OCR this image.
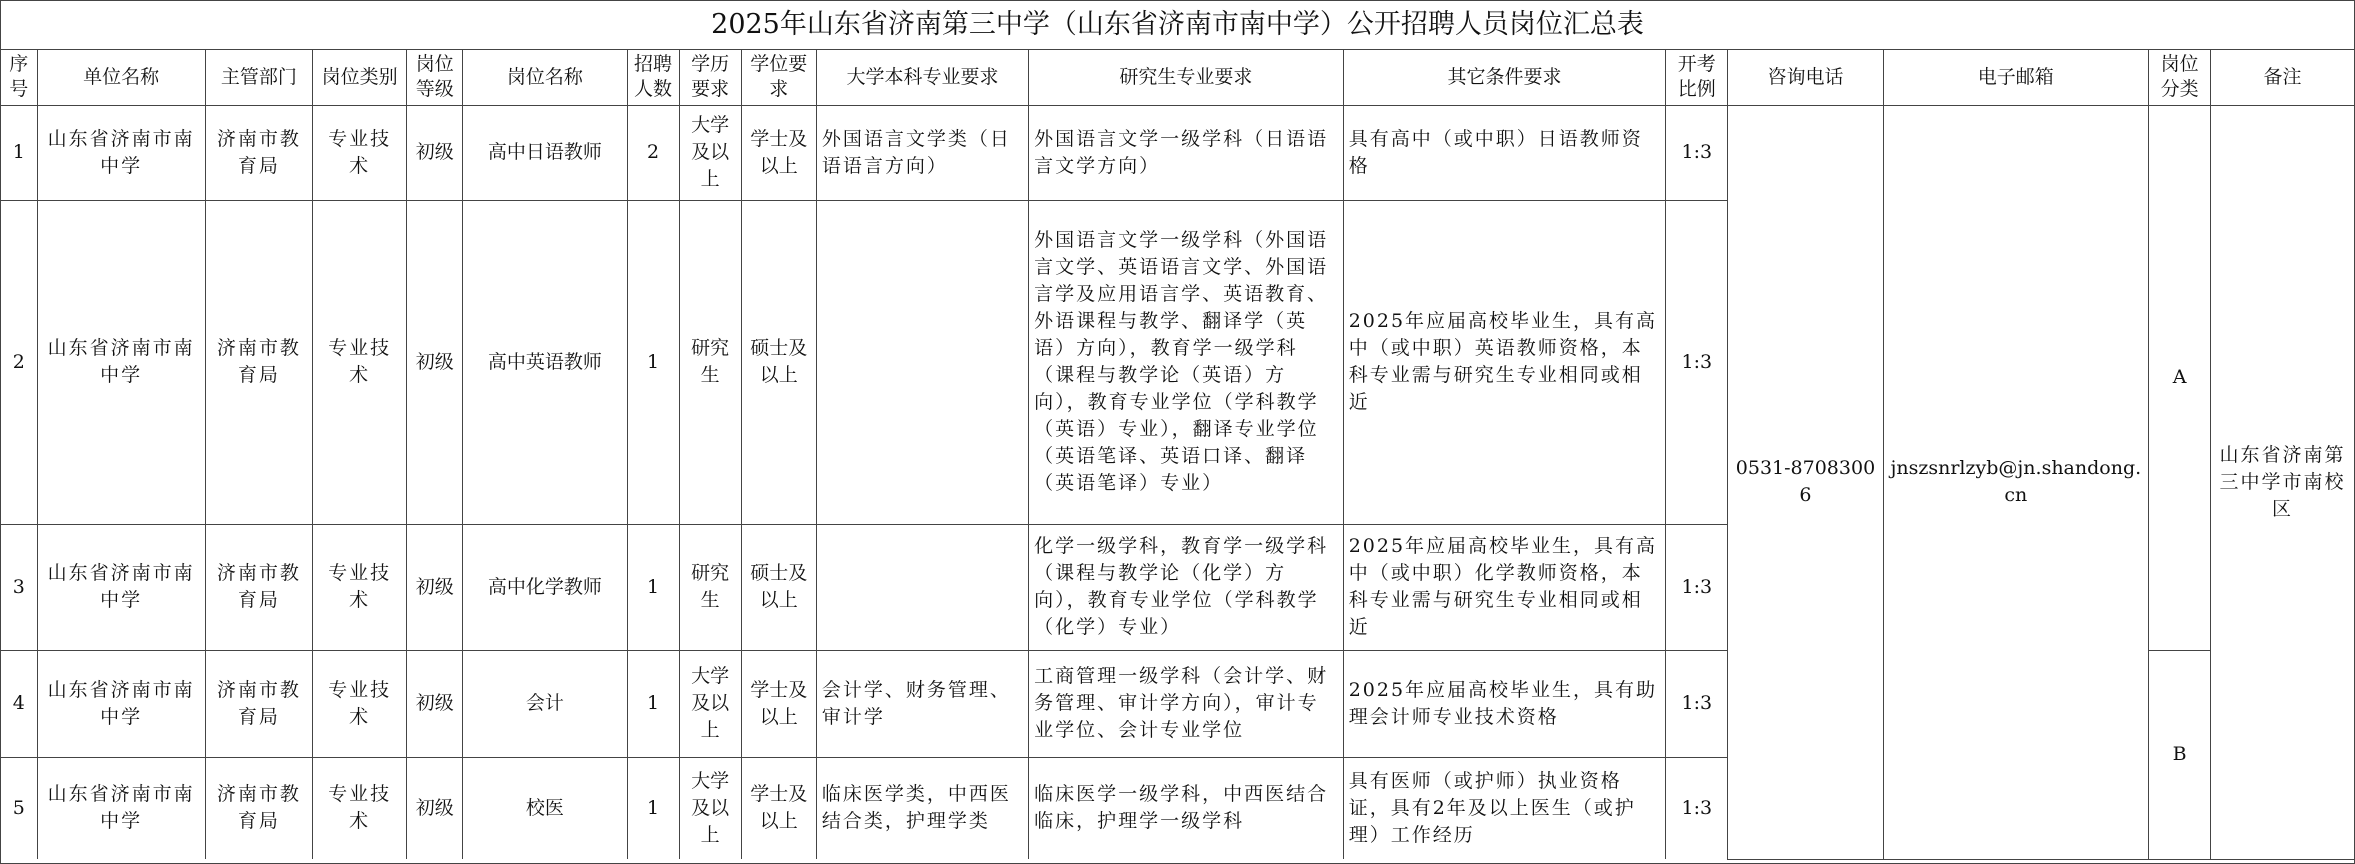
2025年山东省济南第三中学（山东省济南市南中学）公开招聘人员岗位汇总表
序号	单位名称	主管部门	岗位类别	岗位等级	岗位名称	招聘人数	学历要求	学位要求	大学本科专业要求	研究生专业要求	其它条件要求	开考比例	咨询电话	电子邮箱	岗位分类	备注
1	山东省济南市南中学	济南市教育局	专业技术	初级	高中日语教师	2	大学及以上	学士及以上	外国语言文学类（日语语言方向）	外国语言文学一级学科（日语语言文学方向）	具有高中（或中职）日语教师资格	1:3	0531-87083006	jnszsnrlzyb@jn.shandong.cn	A	山东省济南第三中学市南校区
2	山东省济南市南中学	济南市教育局	专业技术	初级	高中英语教师	1	研究生	硕士及以上		外国语言文学一级学科（外国语言文学、英语语言文学、外国语言学及应用语言学、英语教育、外语课程与教学、翻译学（英语）方向），教育学一级学科（课程与教学论（英语）方向），教育专业学位（学科教学（英语）专业），翻译专业学位（英语笔译、英语口译、翻译（英语笔译）专业）	2025年应届高校毕业生，具有高中（或中职）英语教师资格，本科专业需与研究生专业相同或相近	1:3				
3	山东省济南市南中学	济南市教育局	专业技术	初级	高中化学教师	1	研究生	硕士及以上		化学一级学科，教育学一级学科（课程与教学论（化学）方向），教育专业学位（学科教学（化学）专业）	2025年应届高校毕业生，具有高中（或中职）化学教师资格，本科专业需与研究生专业相同或相近	1:3				
4	山东省济南市南中学	济南市教育局	专业技术	初级	会计	1	大学及以上	学士及以上	会计学、财务管理、审计学	工商管理一级学科（会计学、财务管理、审计学方向），审计专业学位、会计专业学位	2025年应届高校毕业生，具有助理会计师专业技术资格	1:3			B	
5	山东省济南市南中学	济南市教育局	专业技术	初级	校医	1	大学及以上	学士及以上	临床医学类，中西医结合类，护理学类	临床医学一级学科，中西医结合临床，护理学一级学科	具有医师（或护师）执业资格证，具有2年及以上医生（或护理）工作经历	1:3				
